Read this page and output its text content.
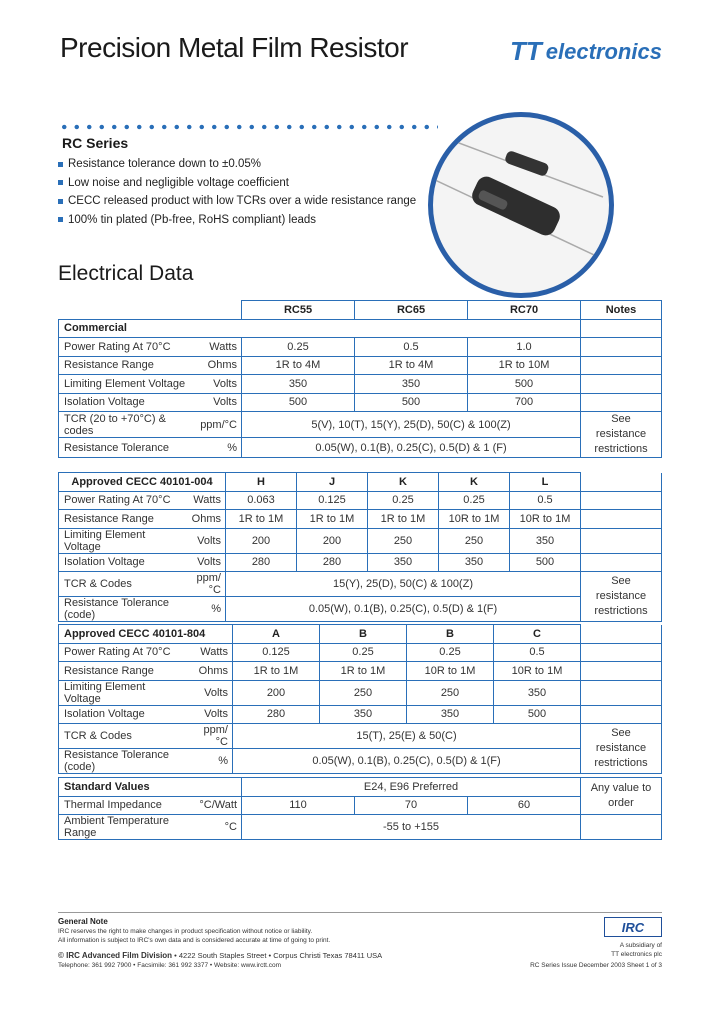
Precision Metal Film Resistor	TT electronics
RC Series
Resistance tolerance down to ±0.05%
Low noise and negligible voltage coefficient
CECC released product with low TCRs over a wide resistance range
100% tin plated (Pb-free, RoHS compliant) leads
Electrical Data
		RC55	RC65	RC70	Notes
Commercial					
Power Rating At 70°C	Watts	0.25	0.5	1.0	
Resistance Range	Ohms	1R to 4M	1R to 4M	1R to 10M	
Limiting Element Voltage	Volts	350	350	500	
Isolation Voltage	Volts	500	500	700	
TCR (20 to +70°C) & codes	ppm/°C	5(V), 10(T), 15(Y), 25(D), 50(C) & 100(Z)			See resistance restrictions
Resistance Tolerance	%	0.05(W), 0.1(B), 0.25(C), 0.5(D) & 1 (F)			
Approved CECC 40101-004		H	J	K	K	L	
Power Rating At 70°C	Watts	0.063	0.125	0.25	0.25	0.5	
Resistance Range	Ohms	1R to 1M	1R to 1M	1R to 1M	10R to 1M	10R to 1M	
Limiting Element Voltage	Volts	200	200	250	250	350	
Isolation Voltage	Volts	280	280	350	350	500	
TCR & Codes	ppm/°C	15(Y), 25(D), 50(C) & 100(Z)					See resistance restrictions
Resistance Tolerance (code)	%	0.05(W), 0.1(B), 0.25(C), 0.5(D) & 1(F)					
Approved CECC 40101-804		A	B	B	C	
Power Rating At 70°C	Watts	0.125	0.25	0.25	0.5	
Resistance Range	Ohms	1R to 1M	1R to 1M	10R to 1M	10R to 1M	
Limiting Element Voltage	Volts	200	250	250	350	
Isolation Voltage	Volts	280	350	350	500	
TCR & Codes	ppm/°C	15(T), 25(E) & 50(C)				See resistance restrictions
Resistance Tolerance (code)	%	0.05(W), 0.1(B), 0.25(C), 0.5(D) & 1(F)				
Standard Values		E24, E96 Preferred			Any value to order
Thermal Impedance	°C/Watt	110	70	60	
Ambient Temperature Range	°C	-55 to +155			
General Note
IRC reserves the right to make changes in product specification without notice or liability.
All information is subject to IRC's own data and is considered accurate at time of going to print.
IRC
A subsidiary of
TT electronics plc
© IRC Advanced Film Division • 4222 South Staples Street • Corpus Christi Texas 78411 USA
Telephone: 361 992 7900 • Facsimile: 361 992 3377 • Website: www.irctt.com	RC Series Issue December 2003 Sheet 1 of 3
